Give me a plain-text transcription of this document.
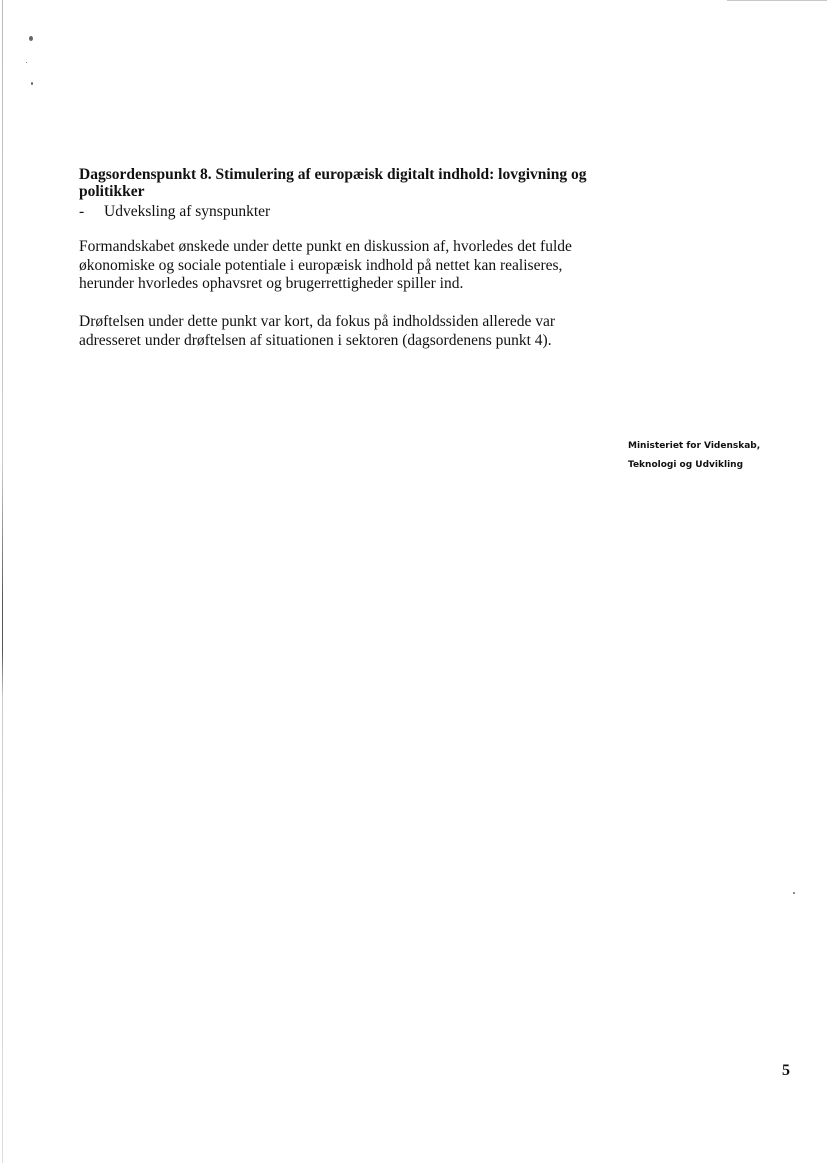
Dagsordenspunkt 8. Stimulering af europæisk digitalt indhold: lovgivning og politikker
- Udveksling af synspunkter

Formandskabet ønskede under dette punkt en diskussion af, hvorledes det fulde økonomiske og sociale potentiale i europæisk indhold på nettet kan realiseres, herunder hvorledes ophavsret og brugerrettigheder spiller ind.

Drøftelsen under dette punkt var kort, da fokus på indholdssiden allerede var adresseret under drøftelsen af situationen i sektoren (dagsordenens punkt 4).

Ministeriet for Videnskab,
Teknologi og Udvikling
5
